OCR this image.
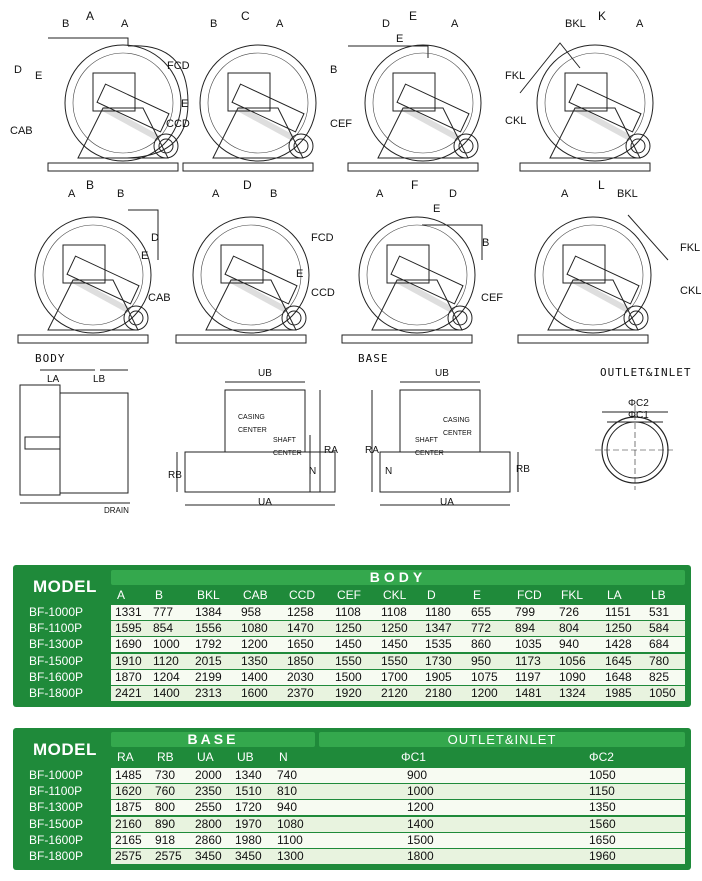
A	C	E	K
B	D	F	L
B	A
D E
CAB
B	A
FCD
E
CCD
D	A
E
B
CEF
BKL	A
FKL
CKL
A	B
D
E
CAB
A	B
FCD
E
CCD
A	D
E
B
CEF
A	BKL
FKL
CKL
BODY	BASE
OUTLET&INLET
LA	LB
DRAIN
UB
UA
RB
RA
N
CASING
CENTER
SHAFT
CENTER
UB
UA
RA
N	RB
CASING
CENTER
SHAFT
CENTER
ΦC2
ΦC1
MODEL	BODY
A B	BKL CAB CCD CEF CKL D	E	FCD FKL LA LB
BF-1000P	1331 777 1384 958 1258 1108 1108 1180 655 799 726 1151 531
BF-1100P	1595 854 1556 1080 1470 1250 1250 1347 772 894 804 1250 584
BF-1300P	1690 1000 1792 1200 1650 1450 1450 1535 860 1035 940 1428 684
BF-1500P	1910 1120 2015 1350 1850 1550 1550 1730 950 1173 1056 1645 780
BF-1600P	1870 1204 2199 1400 2030 1500 1700 1905 1075 1197 1090 1648 825
BF-1800P	2421 1400 2313 1600 2370 1920 2120 2180 1200 1481 1324 1985 1050
MODEL
BASE	OUTLET&INLET
RA RB UA UB N	ΦC1	ΦC2
BF-1000P	1485 730 2000 1340 740	900	1050
BF-1100P	1620 760 2350 1510 810	1000	1150
BF-1300P	1875 800 2550 1720 940	1200	1350
BF-1500P	2160 890 2800 1970 1080	1400	1560
BF-1600P	2165 918 2860 1980 1100	1500	1650
BF-1800P	2575 2575 3450 3450 1300	1800	1960
